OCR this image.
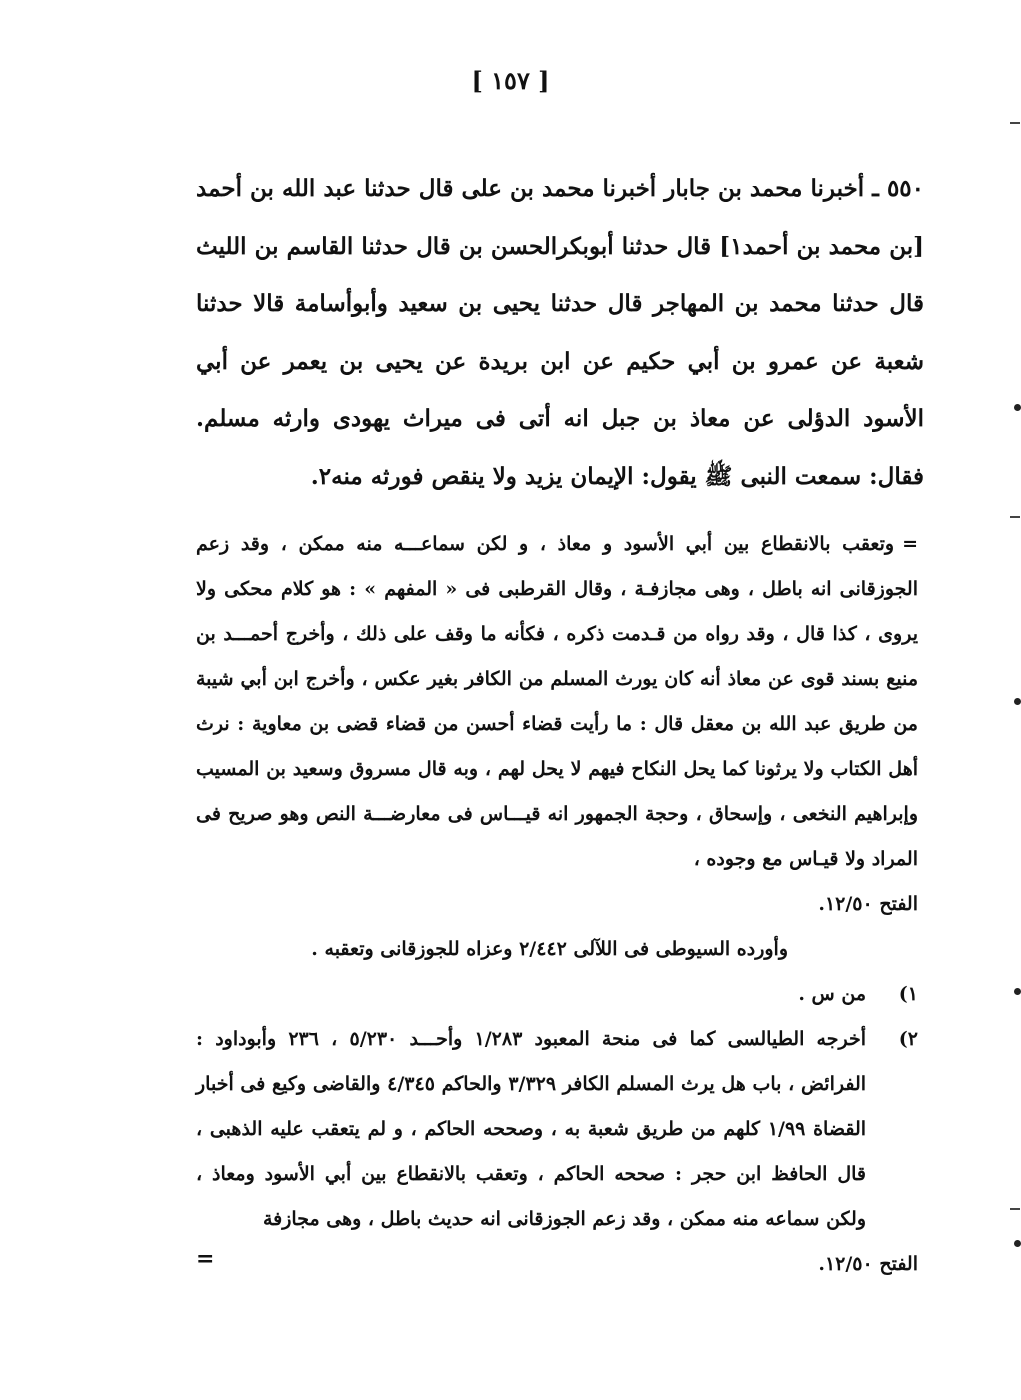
[ ١٥٧ ]

٥٥٠ ـ أخبرنا محمد بن جابار أخبرنا محمد بن على قال حدثنا عبد الله بن أحمد [بن محمد بن أحمد١] قال حدثنا أبوبكرالحسن بن قال حدثنا القاسم بن الليث قال حدثنا محمد بن المهاجر قال حدثنا يحيى بن سعيد وأبوأسامة قالا حدثنا شعبة عن عمرو بن أبي حكيم عن ابن بريدة عن يحيى بن يعمر عن أبي الأسود الدؤلى عن معاذ بن جبل انه أتى فى ميراث يهودى وارثه مسلم. فقال: سمعت النبى ﷺ يقول: الإيمان يزيد ولا ينقص فورثه منه٢.

=وتعقب بالانقطاع بين أبي الأسود و معاذ ، و لكن سماعـــه منه ممكن ، وقد زعم الجوزقانى انه باطل ، وهى مجازفـة ، وقال القرطبى فى « المفهم » : هو كلام محكى ولا يروى ، كذا قال ، وقد رواه من قـدمت ذكره ، فكأنه ما وقف على ذلك ، وأخرج أحمـــد بن منيع بسند قوى عن معاذ أنه كان يورث المسلم من الكافر بغير عكس ، وأخرج ابن أبي شيبة من طريق عبد الله بن معقل قال : ما رأيت قضاء أحسن من قضاء قضى بن معاوية : نرث أهل الكتاب ولا يرثونا كما يحل النكاح فيهم لا يحل لهم ، وبه قال مسروق وسعيد بن المسيب وإبراهيم النخعى ، وإسحاق ، وحجة الجمهور انه قيـــاس فى معارضـــة النص وهو صريح فى المراد ولا قيـاس مع وجوده ،

الفتح ١٢/٥٠.

وأورده السيوطى فى اللآلى ٢/٤٤٢ وعزاه للجوزقانى وتعقبه .

١)
من س .

٢)
أخرجه الطيالسى كما فى منحة المعبود ١/٢٨٣ وأحـــد ٥/٢٣٠ ، ٢٣٦ وأبوداود : الفرائض ، باب هل يرث المسلم الكافر ٣/٣٢٩ والحاكم ٤/٣٤٥ والقاضى وكيع فى أخبار القضاة ١/٩٩ كلهم من طريق شعبة به ، وصححه الحاكم ، و لم يتعقب عليه الذهبى ، قال الحافظ ابن حجر : صححه الحاكم ، وتعقب بالانقطاع بين أبي الأسود ومعاذ ، ولكن سماعه منه ممكن ، وقد زعم الجوزقانى انه حديث باطل ، وهى مجازفة

الفتح ١٢/٥٠.

=
